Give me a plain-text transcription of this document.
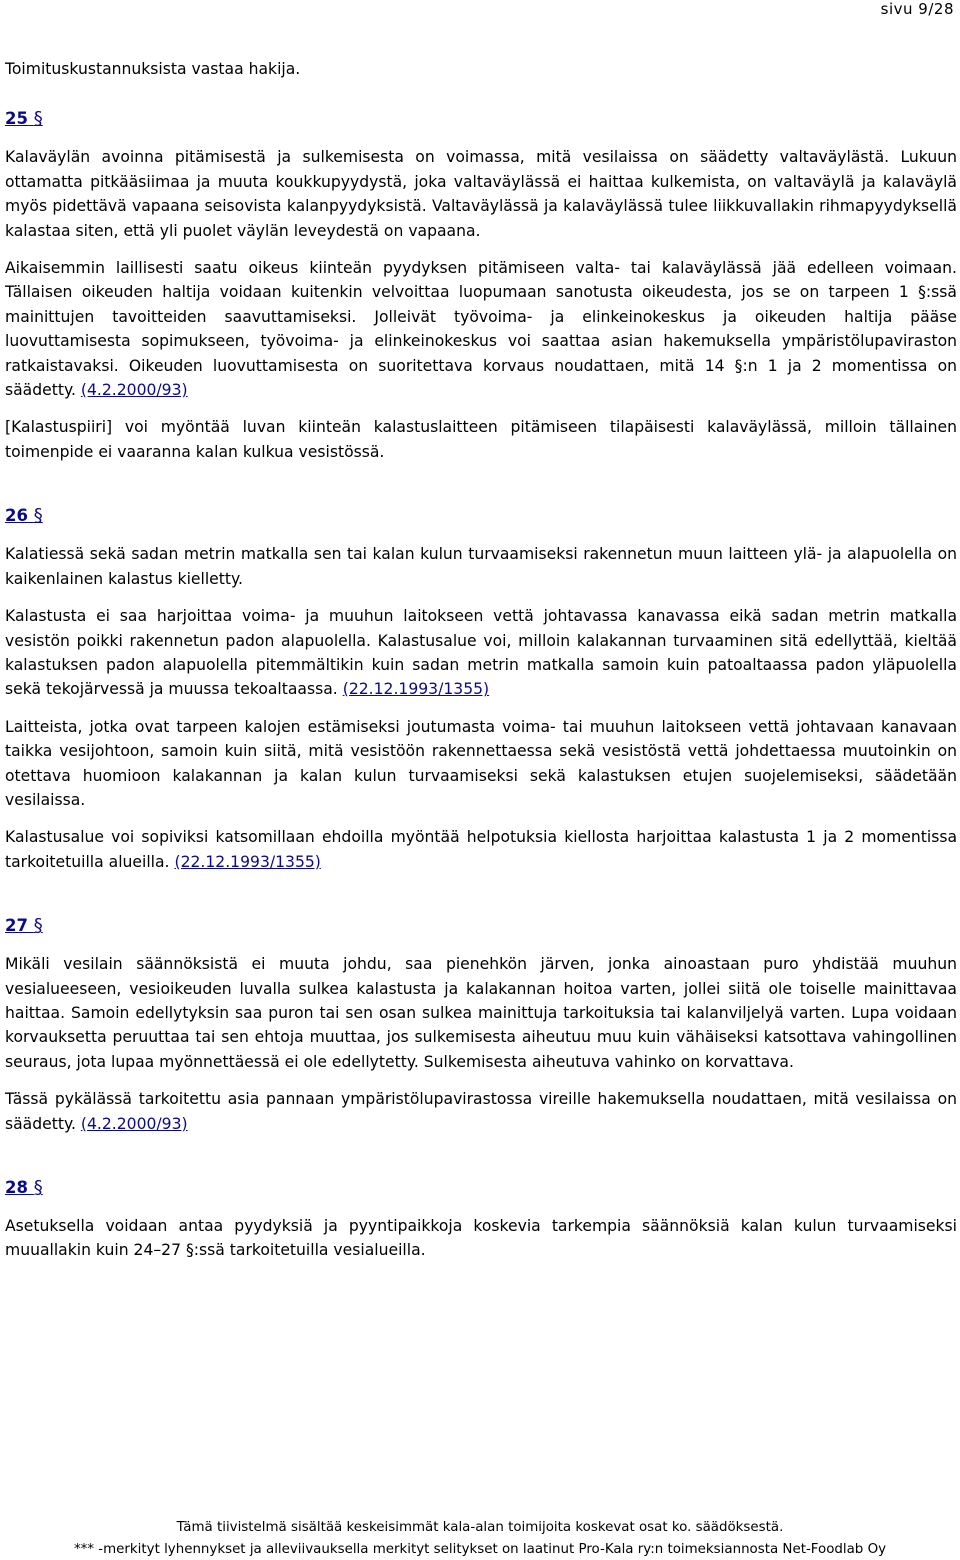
sivu 9/28

Toimituskustannuksista vastaa hakija.

25 §

Kalaväylän avoinna pitämisestä ja sulkemisesta on voimassa, mitä vesilaissa on säädetty valtaväylästä. Lukuun ottamatta pitkääsiimaa ja muuta koukkupyydystä, joka valtaväylässä ei haittaa kulkemista, on valtaväylä ja kalaväylä myös pidettävä vapaana seisovista kalanpyydyksistä. Valtaväylässä ja kalaväylässä tulee liikkuvallakin rihmapyydyksellä kalastaa siten, että yli puolet väylän leveydestä on vapaana.

Aikaisemmin laillisesti saatu oikeus kiinteän pyydyksen pitämiseen valta- tai kalaväylässä jää edelleen voimaan. Tällaisen oikeuden haltija voidaan kuitenkin velvoittaa luopumaan sanotusta oikeudesta, jos se on tarpeen 1 §:ssä mainittujen tavoitteiden saavuttamiseksi. Jolleivät työvoima- ja elinkeinokeskus ja oikeuden haltija pääse luovuttamisesta sopimukseen, työvoima- ja elinkeinokeskus voi saattaa asian hakemuksella ympäristölupaviraston ratkaistavaksi. Oikeuden luovuttamisesta on suoritettava korvaus noudattaen, mitä 14 §:n 1 ja 2 momentissa on säädetty. (4.2.2000/93)

[Kalastuspiiri] voi myöntää luvan kiinteän kalastuslaitteen pitämiseen tilapäisesti kalaväylässä, milloin tällainen toimenpide ei vaaranna kalan kulkua vesistössä.

26 §

Kalatiessä sekä sadan metrin matkalla sen tai kalan kulun turvaamiseksi rakennetun muun laitteen ylä- ja alapuolella on kaikenlainen kalastus kielletty.

Kalastusta ei saa harjoittaa voima- ja muuhun laitokseen vettä johtavassa kanavassa eikä sadan metrin matkalla vesistön poikki rakennetun padon alapuolella. Kalastusalue voi, milloin kalakannan turvaaminen sitä edellyttää, kieltää kalastuksen padon alapuolella pitemmältikin kuin sadan metrin matkalla samoin kuin patoaltaassa padon yläpuolella sekä tekojärvessä ja muussa tekoaltaassa. (22.12.1993/1355)

Laitteista, jotka ovat tarpeen kalojen estämiseksi joutumasta voima- tai muuhun laitokseen vettä johtavaan kanavaan taikka vesijohtoon, samoin kuin siitä, mitä vesistöön rakennettaessa sekä vesistöstä vettä johdettaessa muutoinkin on otettava huomioon kalakannan ja kalan kulun turvaamiseksi sekä kalastuksen etujen suojelemiseksi, säädetään vesilaissa.

Kalastusalue voi sopiviksi katsomillaan ehdoilla myöntää helpotuksia kiellosta harjoittaa kalastusta 1 ja 2 momentissa tarkoitetuilla alueilla. (22.12.1993/1355)

27 §

Mikäli vesilain säännöksistä ei muuta johdu, saa pienehkön järven, jonka ainoastaan puro yhdistää muuhun vesialueeseen, vesioikeuden luvalla sulkea kalastusta ja kalakannan hoitoa varten, jollei siitä ole toiselle mainittavaa haittaa. Samoin edellytyksin saa puron tai sen osan sulkea mainittuja tarkoituksia tai kalanviljelyä varten. Lupa voidaan korvauksetta peruuttaa tai sen ehtoja muuttaa, jos sulkemisesta aiheutuu muu kuin vähäiseksi katsottava vahingollinen seuraus, jota lupaa myönnettäessä ei ole edellytetty. Sulkemisesta aiheutuva vahinko on korvattava.

Tässä pykälässä tarkoitettu asia pannaan ympäristölupavirastossa vireille hakemuksella noudattaen, mitä vesilaissa on säädetty. (4.2.2000/93)

28 §

Asetuksella voidaan antaa pyydyksiä ja pyyntipaikkoja koskevia tarkempia säännöksiä kalan kulun turvaamiseksi muuallakin kuin 24–27 §:ssä tarkoitetuilla vesialueilla.

Tämä tiivistelmä sisältää keskeisimmät kala-alan toimijoita koskevat osat ko. säädöksestä.
*** -merkityt lyhennykset ja alleviivauksella merkityt selitykset on laatinut Pro-Kala ry:n toimeksiannosta Net-Foodlab Oy
